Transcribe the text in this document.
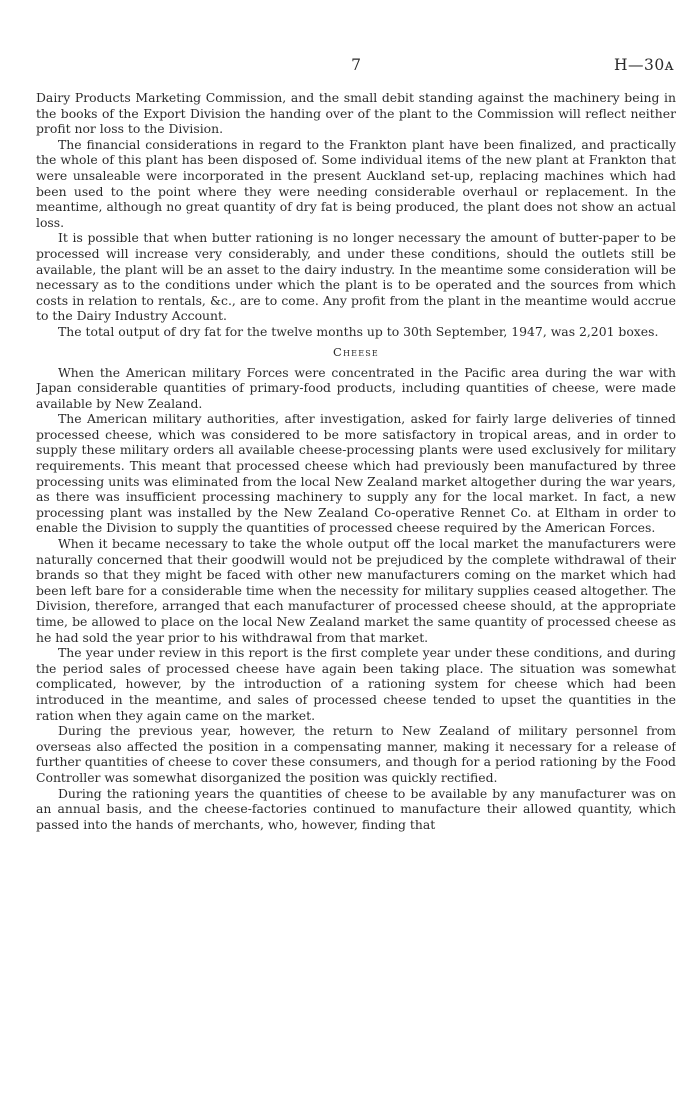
7	H—30ᴀ

Dairy Products Marketing Commission, and the small debit standing against the machinery being in the books of the Export Division the handing over of the plant to the Commission will reflect neither profit nor loss to the Division.

The financial considerations in regard to the Frankton plant have been finalized, and practically the whole of this plant has been disposed of. Some individual items of the new plant at Frankton that were unsaleable were incorporated in the present Auckland set-up, replacing machines which had been used to the point where they were needing considerable overhaul or replacement. In the meantime, although no great quantity of dry fat is being produced, the plant does not show an actual loss.

It is possible that when butter rationing is no longer necessary the amount of butter-paper to be processed will increase very considerably, and under these conditions, should the outlets still be available, the plant will be an asset to the dairy industry. In the meantime some consideration will be necessary as to the conditions under which the plant is to be operated and the sources from which costs in relation to rentals, &c., are to come. Any profit from the plant in the meantime would accrue to the Dairy Industry Account.

The total output of dry fat for the twelve months up to 30th September, 1947, was 2,201 boxes.

Cheese

When the American military Forces were concentrated in the Pacific area during the war with Japan considerable quantities of primary-food products, including quantities of cheese, were made available by New Zealand.

The American military authorities, after investigation, asked for fairly large deliveries of tinned processed cheese, which was considered to be more satisfactory in tropical areas, and in order to supply these military orders all available cheese-processing plants were used exclusively for military requirements. This meant that processed cheese which had previously been manufactured by three processing units was eliminated from the local New Zealand market altogether during the war years, as there was insufficient processing machinery to supply any for the local market. In fact, a new processing plant was installed by the New Zealand Co-operative Rennet Co. at Eltham in order to enable the Division to supply the quantities of processed cheese required by the American Forces.

When it became necessary to take the whole output off the local market the manufacturers were naturally concerned that their goodwill would not be prejudiced by the complete withdrawal of their brands so that they might be faced with other new manufacturers coming on the market which had been left bare for a considerable time when the necessity for military supplies ceased altogether. The Division, therefore, arranged that each manufacturer of processed cheese should, at the appropriate time, be allowed to place on the local New Zealand market the same quantity of processed cheese as he had sold the year prior to his withdrawal from that market.

The year under review in this report is the first complete year under these conditions, and during the period sales of processed cheese have again been taking place. The situation was somewhat complicated, however, by the introduction of a rationing system for cheese which had been introduced in the meantime, and sales of processed cheese tended to upset the quantities in the ration when they again came on the market.

During the previous year, however, the return to New Zealand of military personnel from overseas also affected the position in a compensating manner, making it necessary for a release of further quantities of cheese to cover these consumers, and though for a period rationing by the Food Controller was somewhat disorganized the position was quickly rectified.

During the rationing years the quantities of cheese to be available by any manufacturer was on an annual basis, and the cheese-factories continued to manufacture their allowed quantity, which passed into the hands of merchants, who, however, finding that
